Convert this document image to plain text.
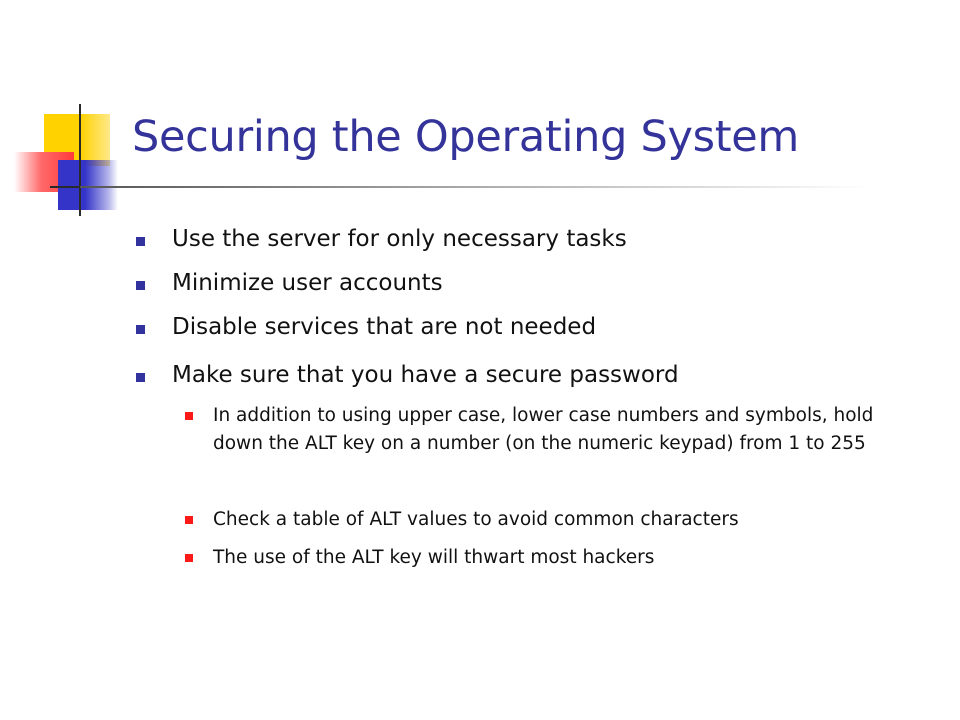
Securing the Operating System
Use the server for only necessary tasks
Minimize user accounts
Disable services that are not needed
Make sure that you have a secure password
In addition to using upper case, lower case numbers and symbols, hold down the ALT key on a number (on the numeric keypad) from 1 to 255
Check a table of ALT values to avoid common characters
The use of the ALT key will thwart most hackers
